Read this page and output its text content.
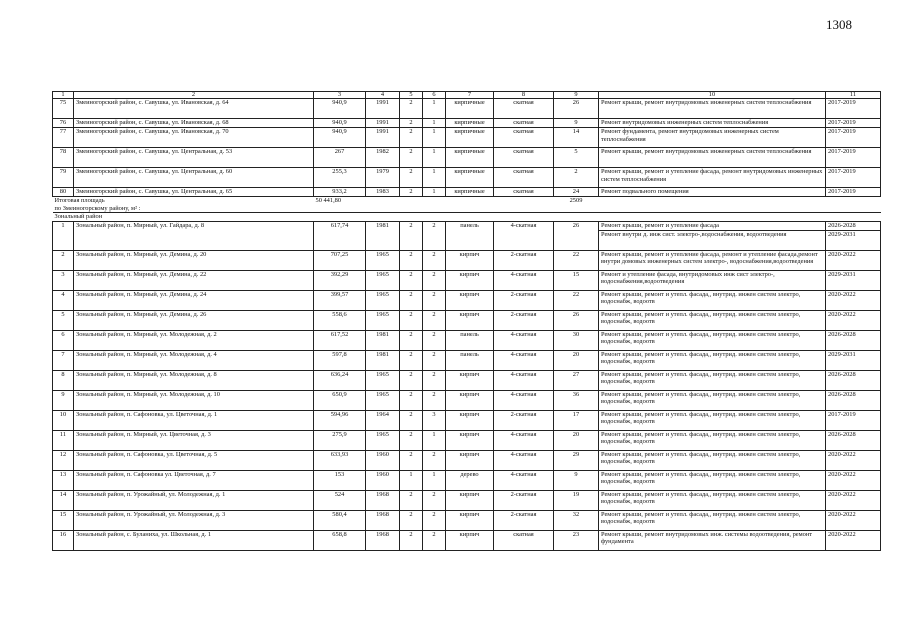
1308
1	2	3	4	5	6	7	8	9	10	11
75	Змеиногорский район, с. Савушка, ул. Ивановская, д. 64	940,9	1991	2	1	кирпичные	скатная	26	Ремонт крыши, ремонт внутридомовых инженерных систем теплоснабжения	2017-2019
76	Змеиногорский район, с. Савушка, ул. Ивановская, д. 68	940,9	1991	2	1	кирпичные	скатная	9	Ремонт внутридомовых инженерных систем теплоснабжения	2017-2019
77	Змеиногорский район, с. Савушка, ул. Ивановская, д. 70	940,9	1991	2	1	кирпичные	скатная	14	Ремонт фундамента, ремонт внутридомовых инженерных систем теплоснабжения	2017-2019
78	Змеиногорский район, с. Савушка, ул. Центральная, д. 53	267	1982	2	1	кирпичные	скатная	5	Ремонт крыши, ремонт внутридомовых инженерных систем теплоснабжения	2017-2019
79	Змеиногорский район, с. Савушка, ул. Центральная, д. 60	255,3	1979	2	1	кирпичные	скатная	2	Ремонт крыши, ремонт и утепление фасада, ремонт внутридомовых инженерных систем теплоснабжения	2017-2019
80	Змеиногорский район, с. Савушка, ул. Центральная, д. 65	933,2	1983	2	1	кирпичные	скатная	24	Ремонт подвального помещения	2017-2019
Итоговая площадь
по Змеиногорскому району, м² :		50 441,80						2509		
Зональный район										
1	Зональный район, п. Мирный, ул. Гайдара, д. 8	617,74	1981	2	2	панель	4-скатная	26	Ремонт крыши, ремонт и утепление фасада	2026-2028
									Ремонт внутри д. инж сист. электро-,водоснабжения, водоотведения	2029-2031
2	Зональный район, п. Мирный, ул. Демина, д. 20	707,25	1965	2	2	кирпич	2-скатная	22	Ремонт крыши, ремонт и утепление фасада, ремонт и утепление фасада,ремонт внутри домовых инженерных систем электро-, водоснабжения,водоотведения	2020-2022
3	Зональный район, п. Мирный, ул. Демина, д. 22	392,29	1965	2	2	кирпич	4-скатная	15	Ремонт и утепление фасада, внутридомовых инж сист электро-, водоснабжения,водоотведения	2029-2031
4	Зональный район, п. Мирный, ул. Демина, д. 24	399,57	1965	2	2	кирпич	2-скатная	22	Ремонт крыши, ремонт и утепл. фасада,, внутрид. инжен систем электро, водоснабж, водоотв	2020-2022
5	Зональный район, п. Мирный, ул. Демина, д. 26	558,6	1965	2	2	кирпич	2-скатная	26	Ремонт крыши, ремонт и утепл. фасада,, внутрид. инжен систем электро, водоснабж, водоотв	2020-2022
6	Зональный район, п. Мирный, ул. Молодежная, д. 2	617,52	1981	2	2	панель	4-скатная	30	Ремонт крыши, ремонт и утепл. фасада,, внутрид. инжен систем электро, водоснабж, водоотв	2026-2028
7	Зональный район, п. Мирный, ул. Молодежная, д. 4	597,8	1981	2	2	панель	4-скатная	20	Ремонт крыши, ремонт и утепл. фасада,, внутрид. инжен систем электро, водоснабж, водоотв	2029-2031
8	Зональный район, п. Мирный, ул. Молодежная, д. 8	636,24	1965	2	2	кирпич	4-скатная	27	Ремонт крыши, ремонт и утепл. фасада,, внутрид. инжен систем электро, водоснабж, водоотв	2026-2028
9	Зональный район, п. Мирный, ул. Молодежная, д. 10	650,9	1965	2	2	кирпич	4-скатная	36	Ремонт крыши, ремонт и утепл. фасада,, внутрид. инжен систем электро, водоснабж, водоотв	2026-2028
10	Зональный район, п. Сафоновка, ул. Цветочная, д. 1	594,96	1964	2	3	кирпич	2-скатная	17	Ремонт крыши, ремонт и утепл. фасада,, внутрид. инжен систем электро, водоснабж, водоотв	2017-2019
11	Зональный район, п. Мирный, ул. Цветочная, д. 3	275,9	1965	2	1	кирпич	4-скатная	20	Ремонт крыши, ремонт и утепл. фасада,, внутрид. инжен систем электро, водоснабж, водоотв	2026-2028
12	Зональный район, п. Сафоновка, ул. Цветочная, д. 5	633,93	1960	2	2	кирпич	4-скатная	29	Ремонт крыши, ремонт и утепл. фасада,, внутрид. инжен систем электро, водоснабж, водоотв	2020-2022
13	Зональный район, п. Сафоновка ул. Цветочная, д. 7	153	1960	1	1	дерево	4-скатная	9	Ремонт крыши, ремонт и утепл. фасада,, внутрид. инжен систем электро, водоснабж, водоотв	2020-2022
14	Зональный район, п. Урожайный, ул. Молодежная, д. 1	524	1968	2	2	кирпич	2-скатная	19	Ремонт крыши, ремонт и утепл. фасада,, внутрид. инжен систем электро, водоснабж, водоотв	2020-2022
15	Зональный район, п. Урожайный, ул. Молодежная, д. 3	580,4	1968	2	2	кирпич	2-скатная	32	Ремонт крыши, ремонт и утепл. фасада,, внутрид. инжен систем электро, водоснабж, водоотв	2020-2022
16	Зональный район, с. Буланиха, ул. Школьная, д. 1	658,8	1968	2	2	кирпич	скатная	23	Ремонт крыши, ремонт внутридомовых инж. системы водоотведения, ремонт фундамента	2020-2022
